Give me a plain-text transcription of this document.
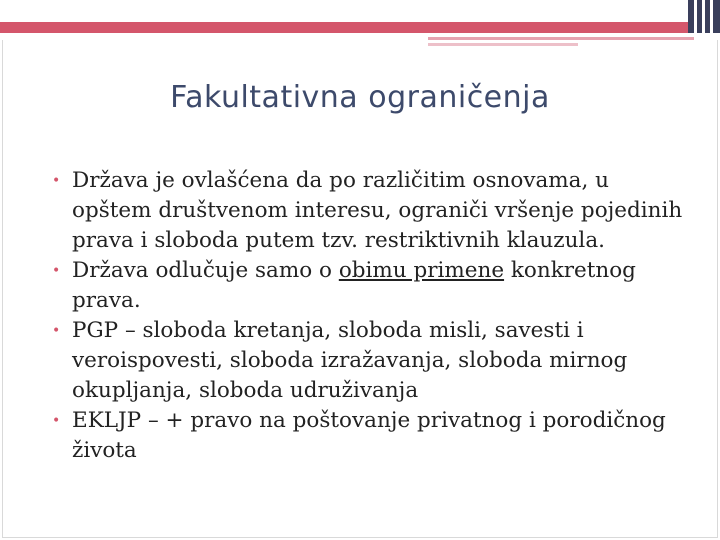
Fakultativna ograničenja
• Država je ovlašćena da po različitim osnovama, u opštem društvenom interesu, ograniči vršenje pojedinih prava i sloboda putem tzv. restriktivnih klauzula.
• Država odlučuje samo o obimu primene konkretnog prava.
• PGP – sloboda kretanja, sloboda misli, savesti i veroispovesti, sloboda izražavanja, sloboda mirnog okupljanja, sloboda udruživanja
• EKLJP – + pravo na poštovanje privatnog i porodičnog života
